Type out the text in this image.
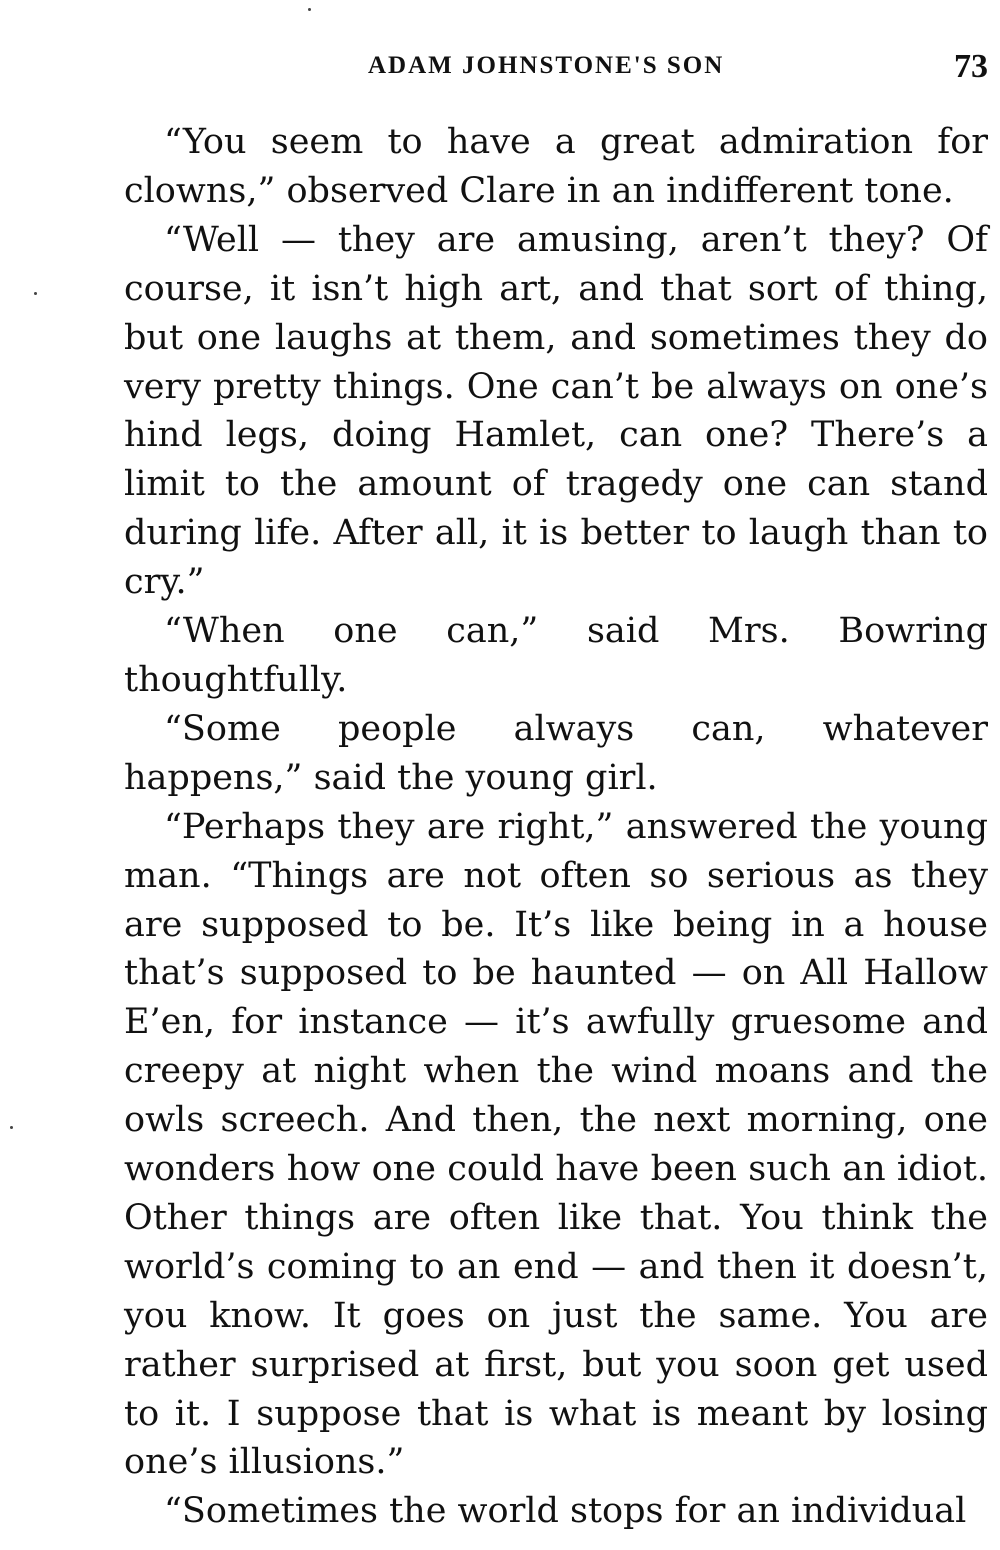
ADAM JOHNSTONE'S SON	73

“You seem to have a great admiration for clowns,” observed Clare in an indifferent tone.

“Well — they are amusing, aren’t they? Of course, it isn’t high art, and that sort of thing, but one laughs at them, and sometimes they do very pretty things. One can’t be always on one’s hind legs, doing Hamlet, can one? There’s a limit to the amount of tragedy one can stand during life. After all, it is better to laugh than to cry.”

“When one can,” said Mrs. Bowring thoughtfully.

“Some people always can, whatever happens,” said the young girl.

“Perhaps they are right,” answered the young man. “Things are not often so serious as they are supposed to be. It’s like being in a house that’s supposed to be haunted — on All Hallow E’en, for instance — it’s awfully gruesome and creepy at night when the wind moans and the owls screech. And then, the next morning, one wonders how one could have been such an idiot. Other things are often like that. You think the world’s coming to an end — and then it doesn’t, you know. It goes on just the same. You are rather surprised at first, but you soon get used to it. I suppose that is what is meant by losing one’s illusions.”

“Sometimes the world stops for an individual
